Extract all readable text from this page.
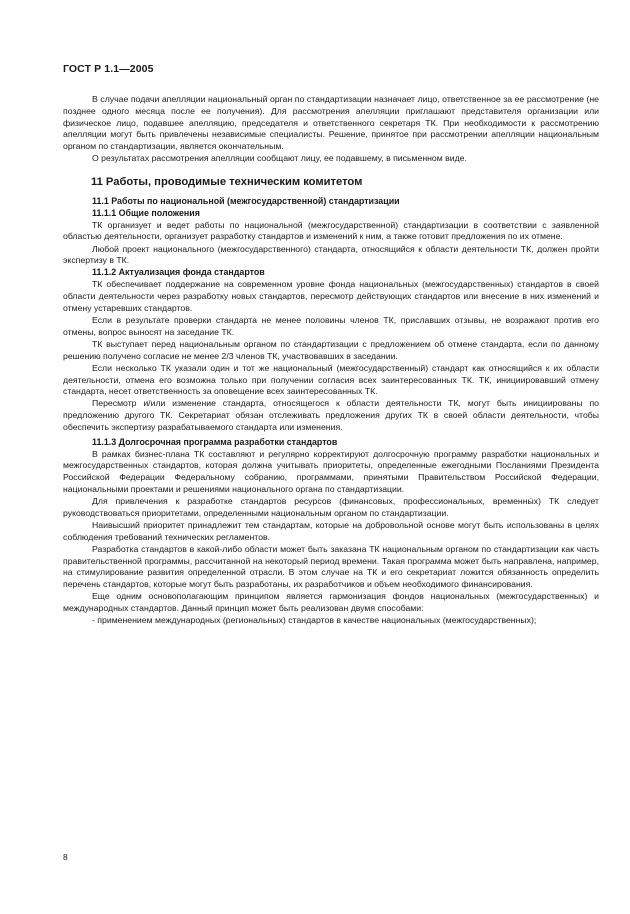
ГОСТ Р 1.1—2005

В случае подачи апелляции национальный орган по стандартизации назначает лицо, ответственное за ее рассмотрение (не позднее одного месяца после ее получения). Для рассмотрения апелляции приглашают представителя организации или физическое лицо, подавшее апелляцию, председателя и ответственного секретаря ТК. При необходимости к рассмотрению апелляции могут быть привлечены независимые специалисты. Решение, принятое при рассмотрении апелляции национальным органом по стандартизации, является окончательным.

О результатах рассмотрения апелляции сообщают лицу, ее подавшему, в письменном виде.

11 Работы, проводимые техническим комитетом
11.1 Работы по национальной (межгосударственной) стандартизации
11.1.1 Общие положения

ТК организует и ведет работы по национальной (межгосударственной) стандартизации в соответствии с заявленной областью деятельности, организует разработку стандартов и изменений к ним, а также готовит предложения по их отмене.

Любой проект национального (межгосударственного) стандарта, относящийся к области деятельности ТК, должен пройти экспертизу в ТК.

11.1.2 Актуализация фонда стандартов

ТК обеспечивает поддержание на современном уровне фонда национальных (межгосударственных) стандартов в своей области деятельности через разработку новых стандартов, пересмотр действующих стандартов или внесение в них изменений и отмену устаревших стандартов.

Если в результате проверки стандарта не менее половины членов ТК, приславших отзывы, не возражают против его отмены, вопрос выносят на заседание ТК.

ТК выступает перед национальным органом по стандартизации с предложением об отмене стандарта, если по данному решению получено согласие не менее 2/3 членов ТК, участвовавших в заседании.

Если несколько ТК указали один и тот же национальный (межгосударственный) стандарт как относящийся к их области деятельности, отмена его возможна только при получении согласия всех заинтересованных ТК. ТК, инициировавший отмену стандарта, несет ответственность за оповещение всех заинтересованных ТК.

Пересмотр и/или изменение стандарта, относящегося к области деятельности ТК, могут быть инициированы по предложению другого ТК. Секретариат обязан отслеживать предложения других ТК в своей области деятельности, чтобы обеспечить экспертизу разрабатываемого стандарта или изменения.

11.1.3 Долгосрочная программа разработки стандартов

В рамках бизнес-плана ТК составляют и регулярно корректируют долгосрочную программу разработки национальных и межгосударственных стандартов, которая должна учитывать приоритеты, определенные ежегодными Посланиями Президента Российской Федерации Федеральному собранию, программами, принятыми Правительством Российской Федерации, национальными проектами и решениями национального органа по стандартизации.

Для привлечения к разработке стандартов ресурсов (финансовых, профессиональных, временны́х) ТК следует руководствоваться приоритетами, определенными национальным органом по стандартизации.

Наивысший приоритет принадлежит тем стандартам, которые на добровольной основе могут быть использованы в целях соблюдения требований технических регламентов.

Разработка стандартов в какой-либо области может быть заказана ТК национальным органом по стандартизации как часть правительственной программы, рассчитанной на некоторый период времени. Такая программа может быть направлена, например, на стимулирование развития определенной отрасли. В этом случае на ТК и его секретариат ложится обязанность определить перечень стандартов, которые могут быть разработаны, их разработчиков и объем необходимого финансирования.

Еще одним основополагающим принципом является гармонизация фондов национальных (межгосударственных) и международных стандартов. Данный принцип может быть реализован двумя способами:

- применением международных (региональных) стандартов в качестве национальных (межгосударственных);

8
